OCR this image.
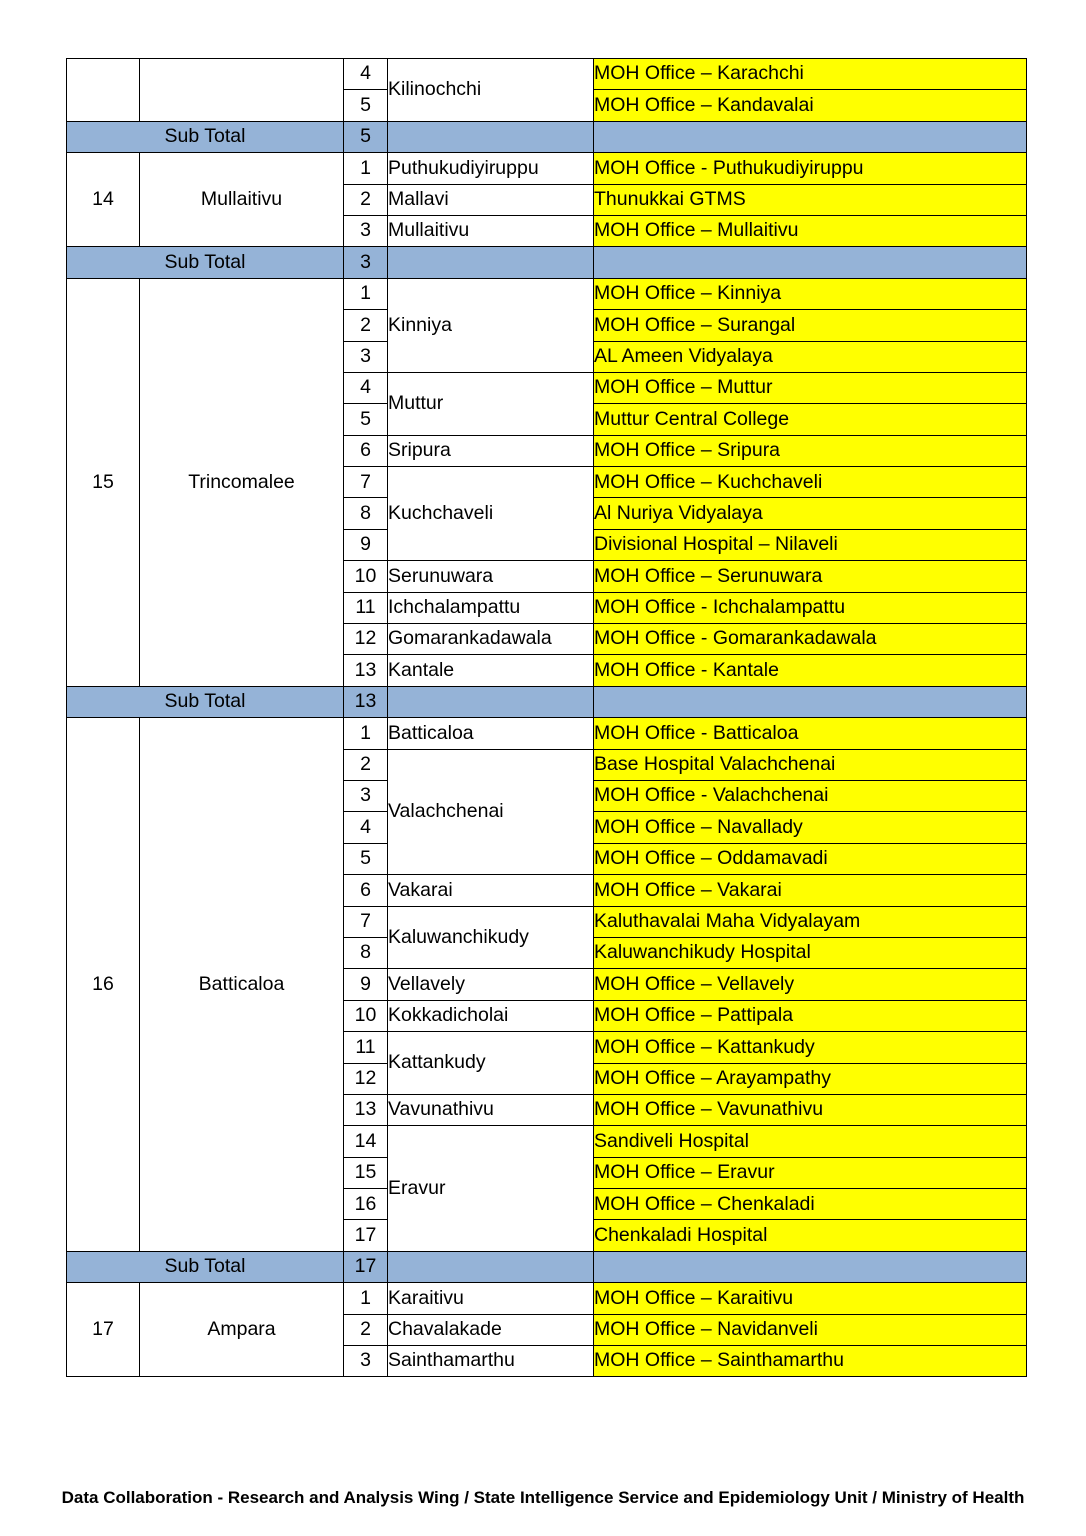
		4	Kilinochchi	MOH Office – Karachchi
		5		MOH Office – Kandavalai
Sub Total		5		
14	Mullaitivu	1	Puthukudiyiruppu	MOH Office - Puthukudiyiruppu
		2	Mallavi	Thunukkai GTMS
		3	Mullaitivu	MOH Office – Mullaitivu
Sub Total		3		
15	Trincomalee	1	Kinniya	MOH Office – Kinniya
		2		MOH Office – Surangal
		3		AL Ameen Vidyalaya
		4	Muttur	MOH Office – Muttur
		5		Muttur Central College
		6	Sripura	MOH Office – Sripura
		7	Kuchchaveli	MOH Office – Kuchchaveli
		8		Al Nuriya Vidyalaya
		9		Divisional Hospital – Nilaveli
		10	Serunuwara	MOH Office – Serunuwara
		11	Ichchalampattu	MOH Office - Ichchalampattu
		12	Gomarankadawala	MOH Office - Gomarankadawala
		13	Kantale	MOH Office - Kantale
Sub Total		13		
16	Batticaloa	1	Batticaloa	MOH Office - Batticaloa
		2	Valachchenai	Base Hospital Valachchenai
		3		MOH Office - Valachchenai
		4		MOH Office – Navallady
		5		MOH Office – Oddamavadi
		6	Vakarai	MOH Office – Vakarai
		7	Kaluwanchikudy	Kaluthavalai Maha Vidyalayam
		8		Kaluwanchikudy Hospital
		9	Vellavely	MOH Office – Vellavely
		10	Kokkadicholai	MOH Office – Pattipala
		11	Kattankudy	MOH Office – Kattankudy
		12		MOH Office – Arayampathy
		13	Vavunathivu	MOH Office – Vavunathivu
		14	Eravur	Sandiveli Hospital
		15		MOH Office – Eravur
		16		MOH Office – Chenkaladi
		17		Chenkaladi Hospital
Sub Total		17		
17	Ampara	1	Karaitivu	MOH Office – Karaitivu
		2	Chavalakade	MOH Office – Navidanveli
		3	Sainthamarthu	MOH Office – Sainthamarthu
Data Collaboration - Research and Analysis Wing / State Intelligence Service and Epidemiology Unit / Ministry of Health
